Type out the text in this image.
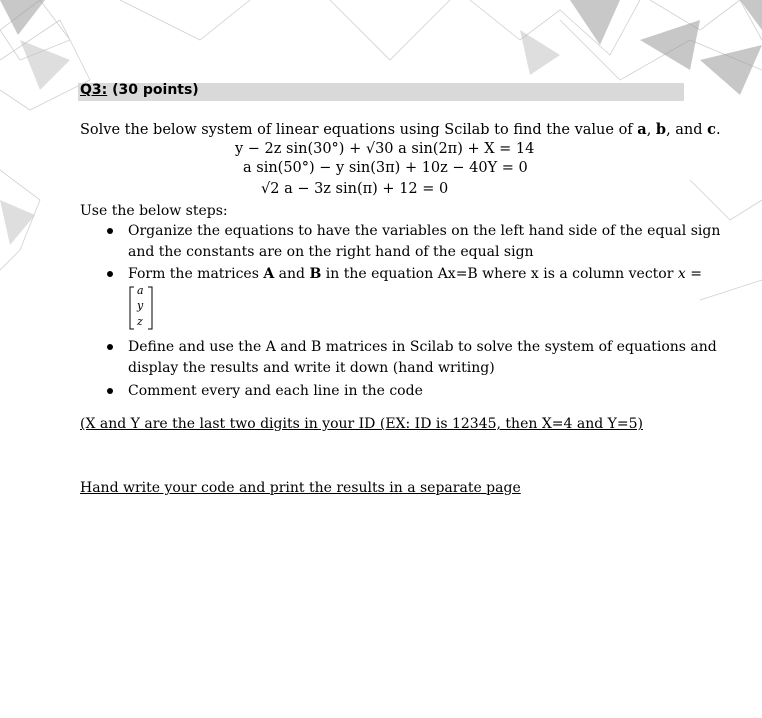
Q3: (30 points)
Solve the below system of linear equations using Scilab to find the value of a, b, and c.
y − 2z sin(30°) + √30 a sin(2π) + X = 14
a sin(50°) − y sin(3π) + 10z − 40Y = 0
√2 a − 3z sin(π) + 12 = 0
Use the below steps:
Organize the equations to have the variables on the left hand side of the equal sign
and the constants are on the right hand of the equal sign
Form the matrices A and B in the equation Ax=B where x is a column vector x =
a
y
z
Define and use the A and B matrices in Scilab to solve the system of equations and
display the results and write it down (hand writing)
Comment every and each line in the code
(X and Y are the last two digits in your ID (EX: ID is 12345, then X=4 and Y=5)
Hand write your code and print the results in a separate page
